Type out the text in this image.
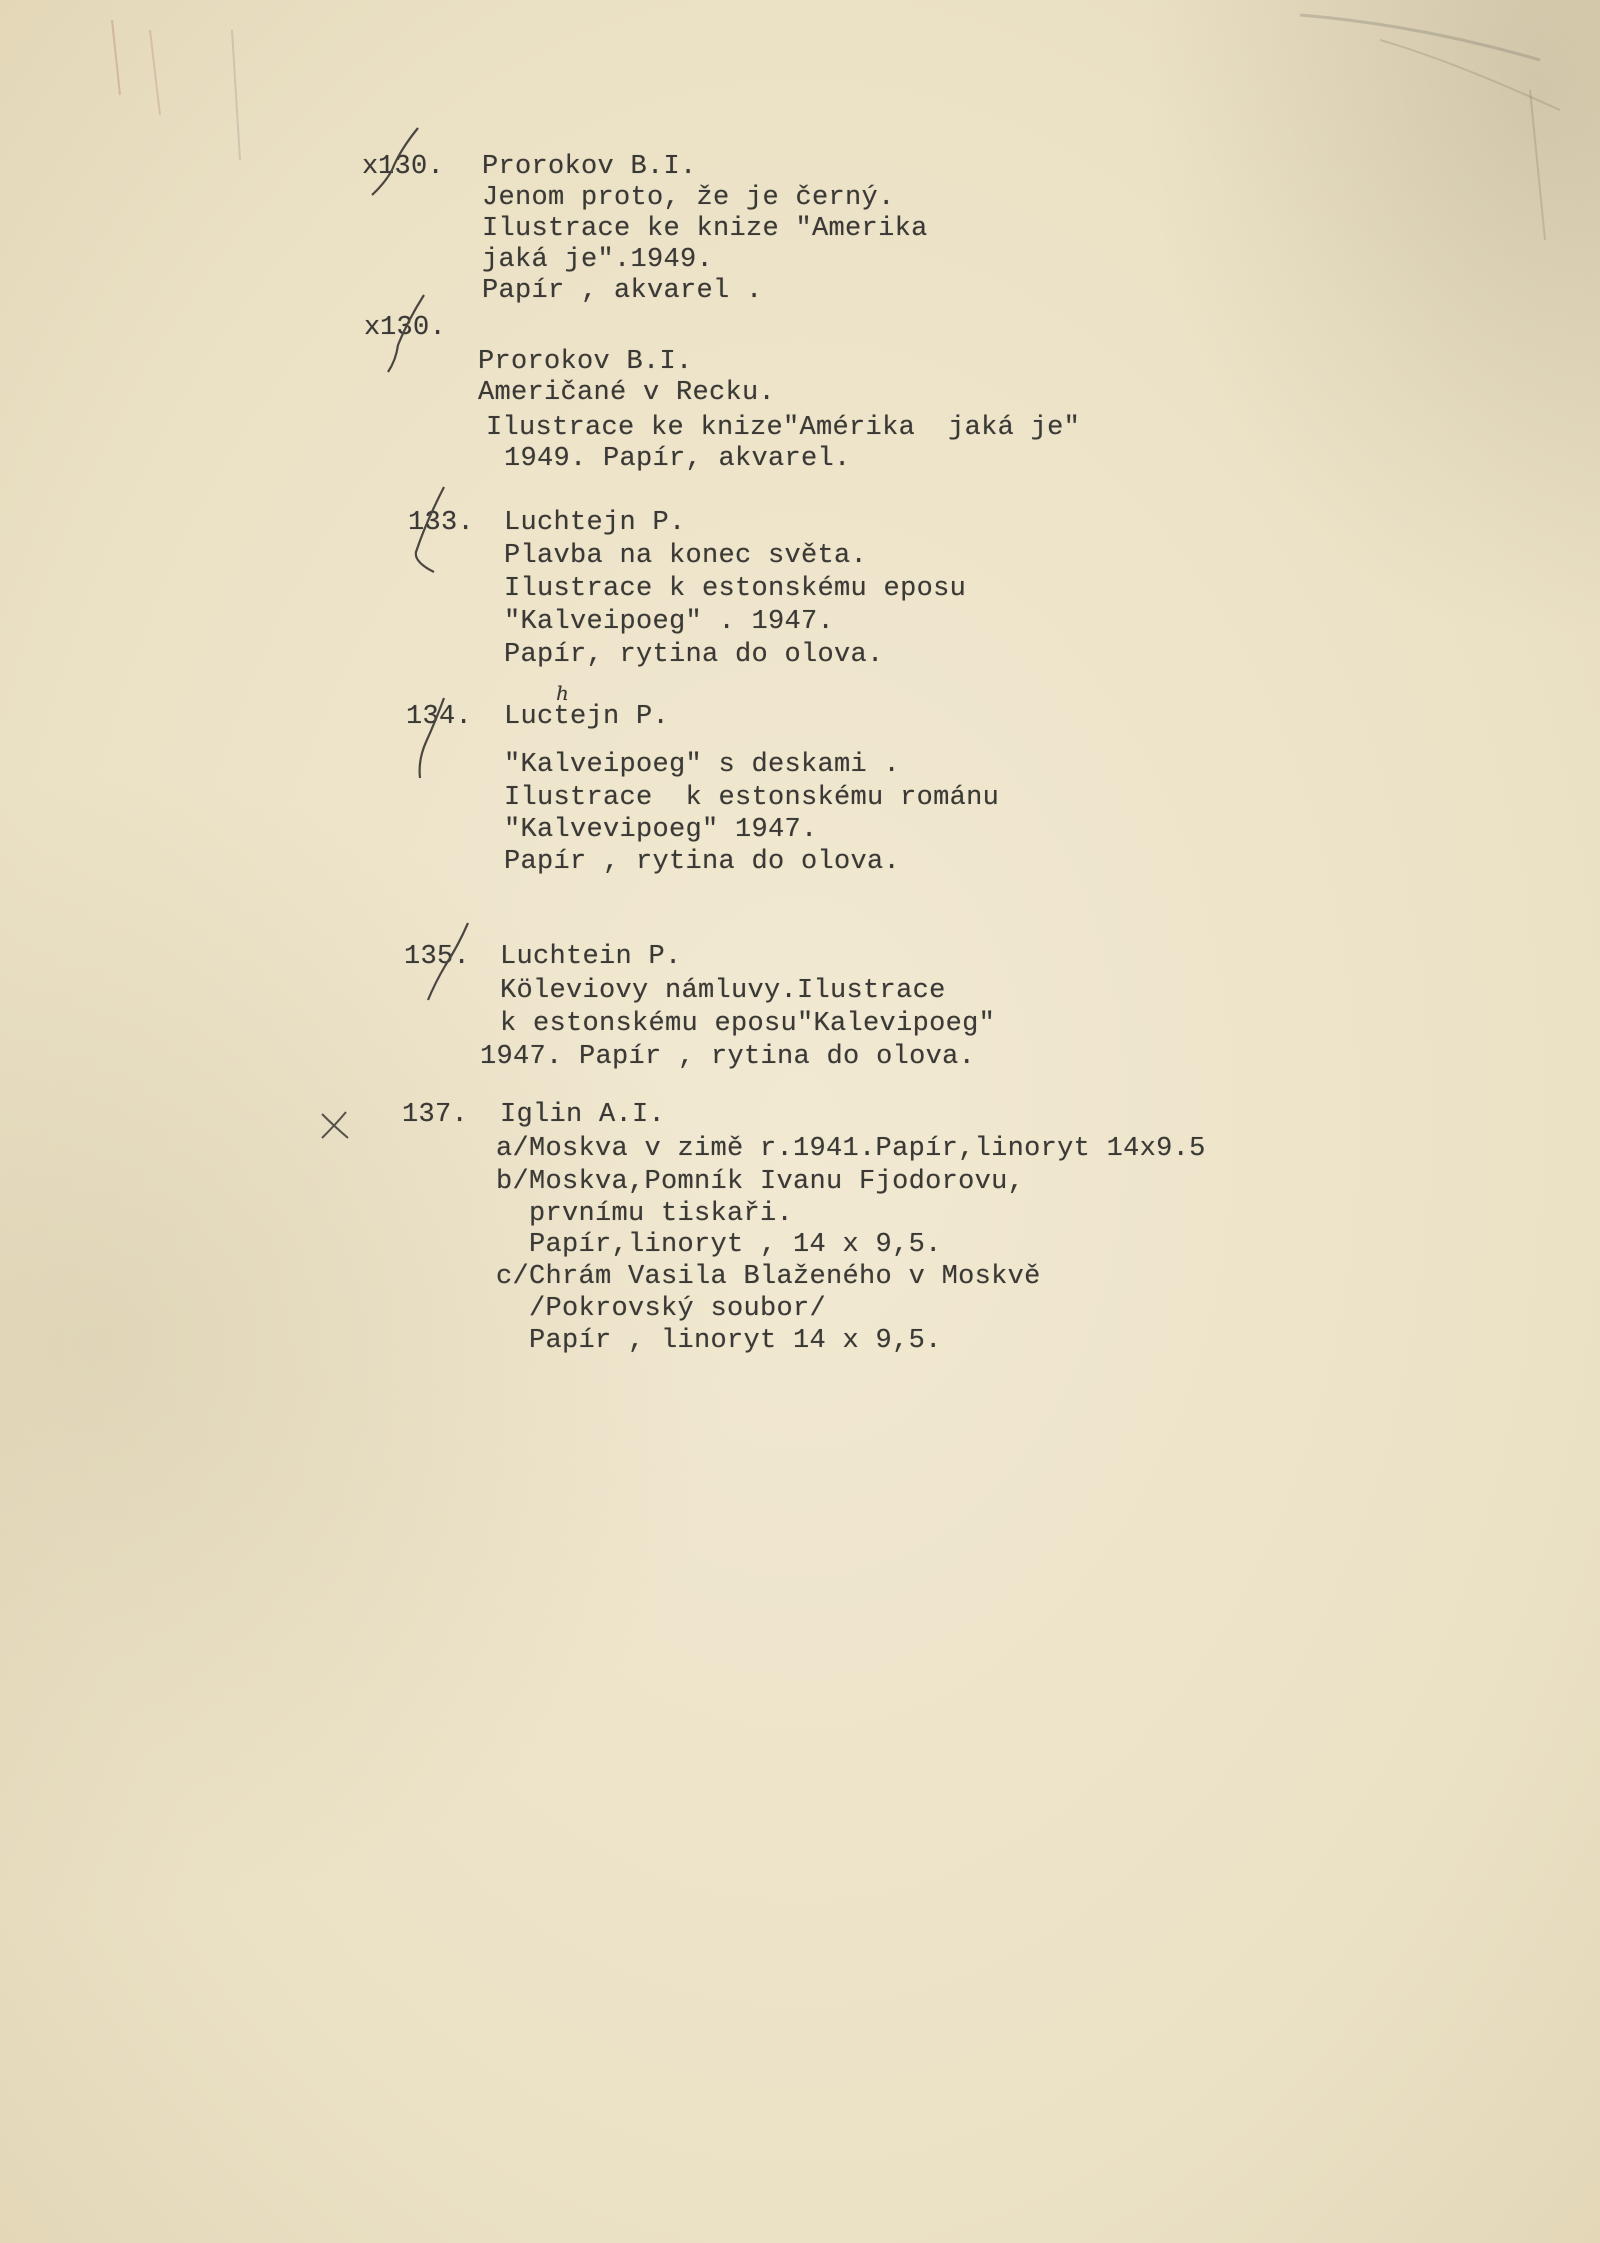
x 130. Prorokov B.I.
Jenom proto, že je černý.
Ilustrace ke knize "Amerika
jaká je".1949.
Papír , akvarel .
x 130.
Prorokov B.I.
Američané v Recku.
Ilustrace ke knize"Amérika  jaká je"
1949. Papír, akvarel.
133. Luchtejn P.
Plavba na konec světa.
Ilustrace k estonskému eposu
"Kalveipoeg" . 1947.
Papír, rytina do olova.
134. Luctejn P.
"Kalveipoeg" s deskami .
Ilustrace  k estonskému románu
"Kalvevipoeg" 1947.
Papír , rytina do olova.
h
135. Luchtein P.
Köleviovy námluvy.Ilustrace
k estonskému eposu"Kalevipoeg"
1947. Papír , rytina do olova.
137. Iglin A.I.
a/Moskva v zimě r.1941.Papír,linoryt 14x9.5
b/Moskva,Pomník Ivanu Fjodorovu,
prvnímu tiskaři.
Papír,linoryt , 14 x 9,5.
c/Chrám Vasila Blaženého v Moskvě
/Pokrovský soubor/
Papír , linoryt 14 x 9,5.
